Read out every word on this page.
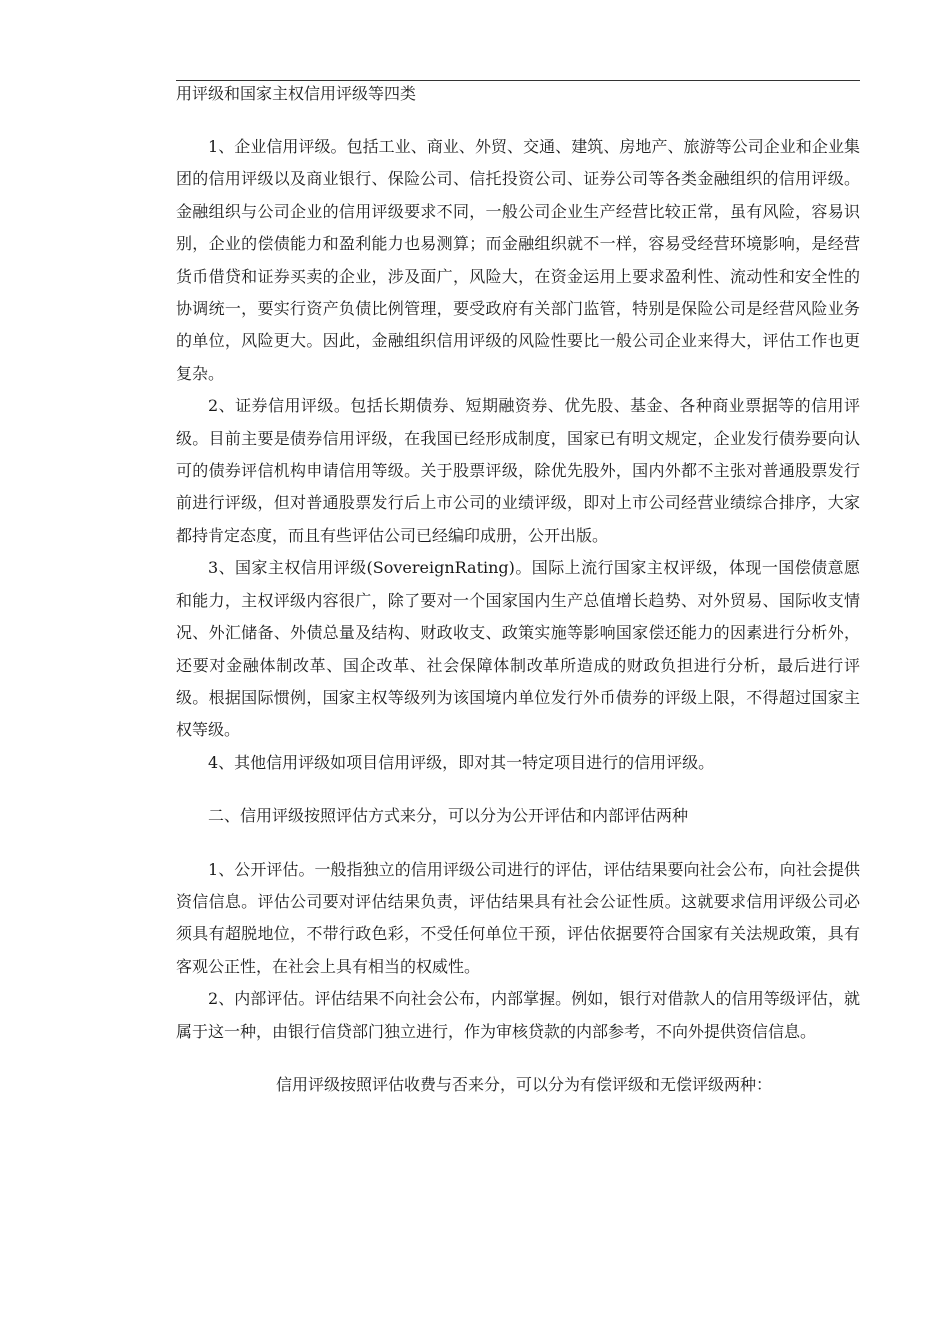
用评级和国家主权信用评级等四类

1、企业信用评级。包括工业、商业、外贸、交通、建筑、房地产、旅游等公司企业和企业集团的信用评级以及商业银行、保险公司、信托投资公司、证券公司等各类金融组织的信用评级。金融组织与公司企业的信用评级要求不同，一般公司企业生产经营比较正常，虽有风险，容易识别，企业的偿债能力和盈利能力也易测算；而金融组织就不一样，容易受经营环境影响，是经营货币借贷和证券买卖的企业，涉及面广，风险大，在资金运用上要求盈利性、流动性和安全性的协调统一，要实行资产负债比例管理，要受政府有关部门监管，特别是保险公司是经营风险业务的单位，风险更大。因此，金融组织信用评级的风险性要比一般公司企业来得大，评估工作也更复杂。

2、证券信用评级。包括长期债券、短期融资券、优先股、基金、各种商业票据等的信用评级。目前主要是债券信用评级，在我国已经形成制度，国家已有明文规定，企业发行债券要向认可的债券评信机构申请信用等级。关于股票评级，除优先股外，国内外都不主张对普通股票发行前进行评级，但对普通股票发行后上市公司的业绩评级，即对上市公司经营业绩综合排序，大家都持肯定态度，而且有些评估公司已经编印成册，公开出版。

3、国家主权信用评级(SovereignRating)。国际上流行国家主权评级，体现一国偿债意愿和能力，主权评级内容很广，除了要对一个国家国内生产总值增长趋势、对外贸易、国际收支情况、外汇储备、外债总量及结构、财政收支、政策实施等影响国家偿还能力的因素进行分析外，还要对金融体制改革、国企改革、社会保障体制改革所造成的财政负担进行分析，最后进行评级。根据国际惯例，国家主权等级列为该国境内单位发行外币债券的评级上限，不得超过国家主权等级。

4、其他信用评级如项目信用评级，即对其一特定项目进行的信用评级。

二、信用评级按照评估方式来分，可以分为公开评估和内部评估两种

1、公开评估。一般指独立的信用评级公司进行的评估，评估结果要向社会公布，向社会提供资信信息。评估公司要对评估结果负责，评估结果具有社会公证性质。这就要求信用评级公司必须具有超脱地位，不带行政色彩，不受任何单位干预，评估依据要符合国家有关法规政策，具有客观公正性，在社会上具有相当的权威性。

2、内部评估。评估结果不向社会公布，内部掌握。例如，银行对借款人的信用等级评估，就属于这一种，由银行信贷部门独立进行，作为审核贷款的内部参考，不向外提供资信信息。

信用评级按照评估收费与否来分，可以分为有偿评级和无偿评级两种：
